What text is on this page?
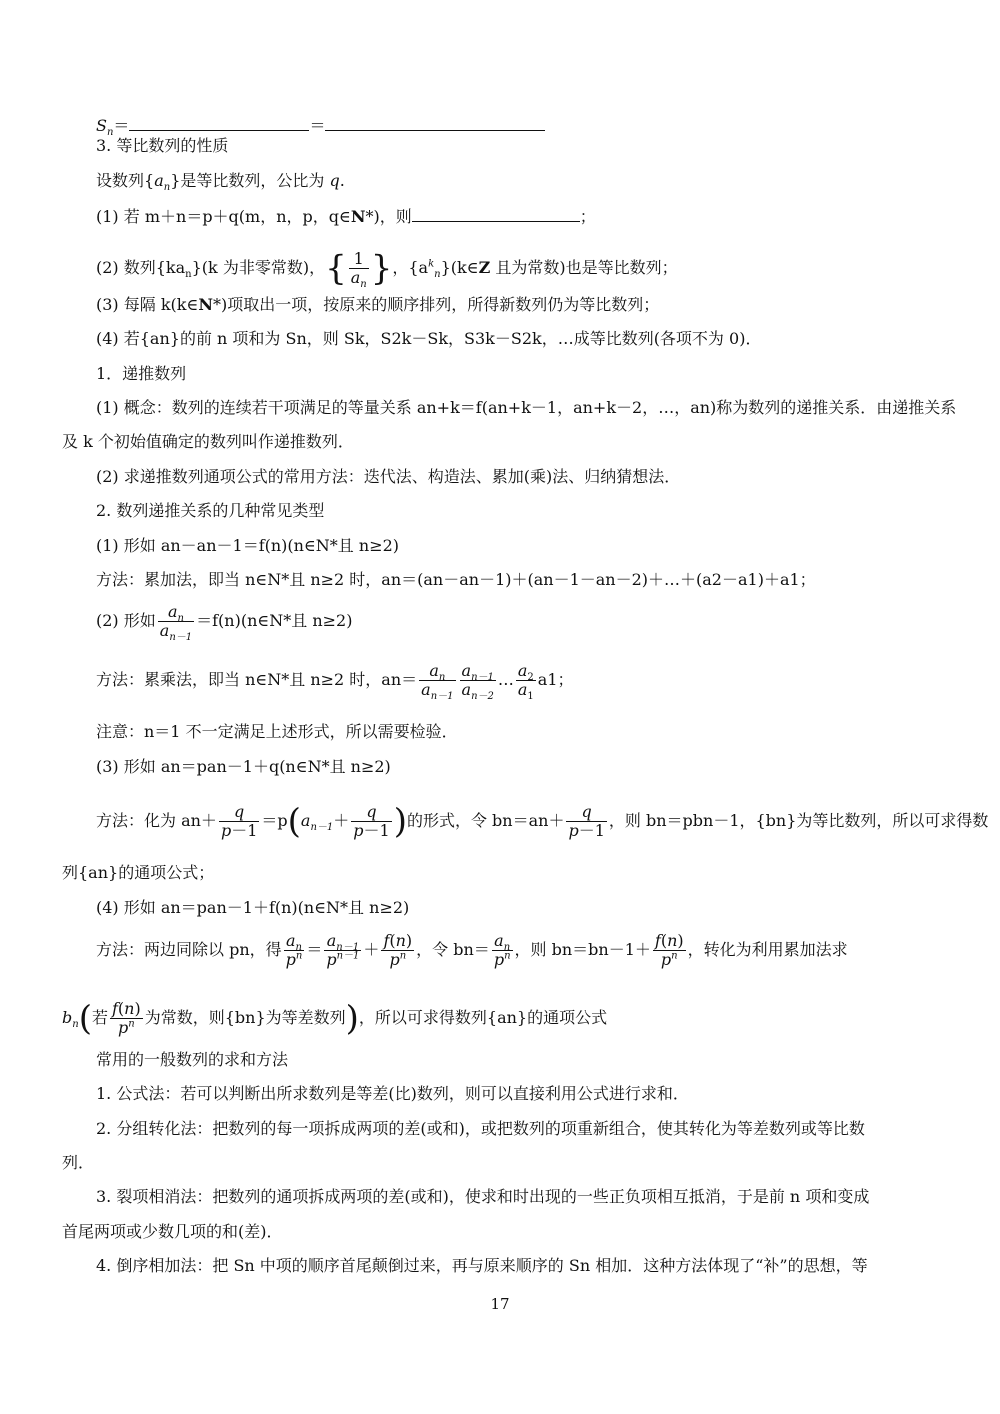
$S_n=$	＝
3. 等比数列的性质
设数列$\{a_n\}$是等比数列，公比为 q.
(1) 若 m＋n＝p＋q(m，n，p，q∈N*)，则	；
(2) 数列$\{ka_n\}(k$ 为非零常数)，{ $\frac{1}{a_n}$ }，$\{a^k_n\}(k\in Z$ 且为常数)也是等比数列；
(3) 每隔 k(k∈N*)项取出一项，按原来的顺序排列，所得新数列仍为等比数列；
(4) 若{an}的前 n 项和为 Sn，则 Sk，S2k－Sk，S3k－S2k，…成等比数列(各项不为 0)．
1．递推数列
(1) 概念：数列的连续若干项满足的等量关系 an+k＝f(an+k－1，an+k－2，…，an)称为数列的递推关系．由递推关系
及 k 个初始值确定的数列叫作递推数列．
(2) 求递推数列通项公式的常用方法：迭代法、构造法、累加(乘)法、归纳猜想法．
2. 数列递推关系的几种常见类型
(1) 形如 an－an－1＝f(n)(n∈N*且 n≥2)
方法：累加法，即当 n∈N*且 n≥2 时，an＝(an－an－1)＋(an－1－an－2)＋…＋(a2－a1)＋a1；
(2) 形如 $\frac{a_n}{a_{n-1}}$ ＝f(n)(n∈N*且 n≥2)
方法：累乘法，即当 n∈N*且 n≥2 时，$an= \frac{a_n}{a_{n-1}} \frac{a_{n-1}}{a_{n-2}}$ … $\frac{a_2}{a_1} a1$；
注意：n＝1 不一定满足上述形式，所以需要检验．
(3) 形如 an＝pan－1＋q(n∈N*且 n≥2)
方法：化为 $an+ \frac{q}{p-1} =p(a_{n-1}+ \frac{q}{p-1}$ )的形式，令 $bn=an+ \frac{q}{p-1}$ ，则 bn＝pbn－1，{bn}为等比数列，所以可求得数
列{an}的通项公式；
(4) 形如 an＝pan－1＋f(n)(n∈N*且 n≥2)
方法：两边同除以 pn，得 $\frac{a_n}{p^n} = \frac{a_{n-1}}{p^{n-1}} + \frac{f(n)}{p^n}$ ，令 $bn= \frac{a_n}{p^n}$ ，则 $bn=bn-1+ \frac{f(n)}{p^n}$ ，转化为利用累加法求
$b_n$(若 $\frac{f(n)}{p^n}$ 为常数，则{bn}为等差数列)，所以可求得数列{an}的通项公式
常用的一般数列的求和方法
1. 公式法：若可以判断出所求数列是等差(比)数列，则可以直接利用公式进行求和．
2. 分组转化法：把数列的每一项拆成两项的差(或和)，或把数列的项重新组合，使其转化为等差数列或等比数
列．
3. 裂项相消法：把数列的通项拆成两项的差(或和)，使求和时出现的一些正负项相互抵消，于是前 n 项和变成
首尾两项或少数几项的和(差)．
4. 倒序相加法：把 Sn 中项的顺序首尾颠倒过来，再与原来顺序的 Sn 相加．这种方法体现了“补”的思想，等
17
